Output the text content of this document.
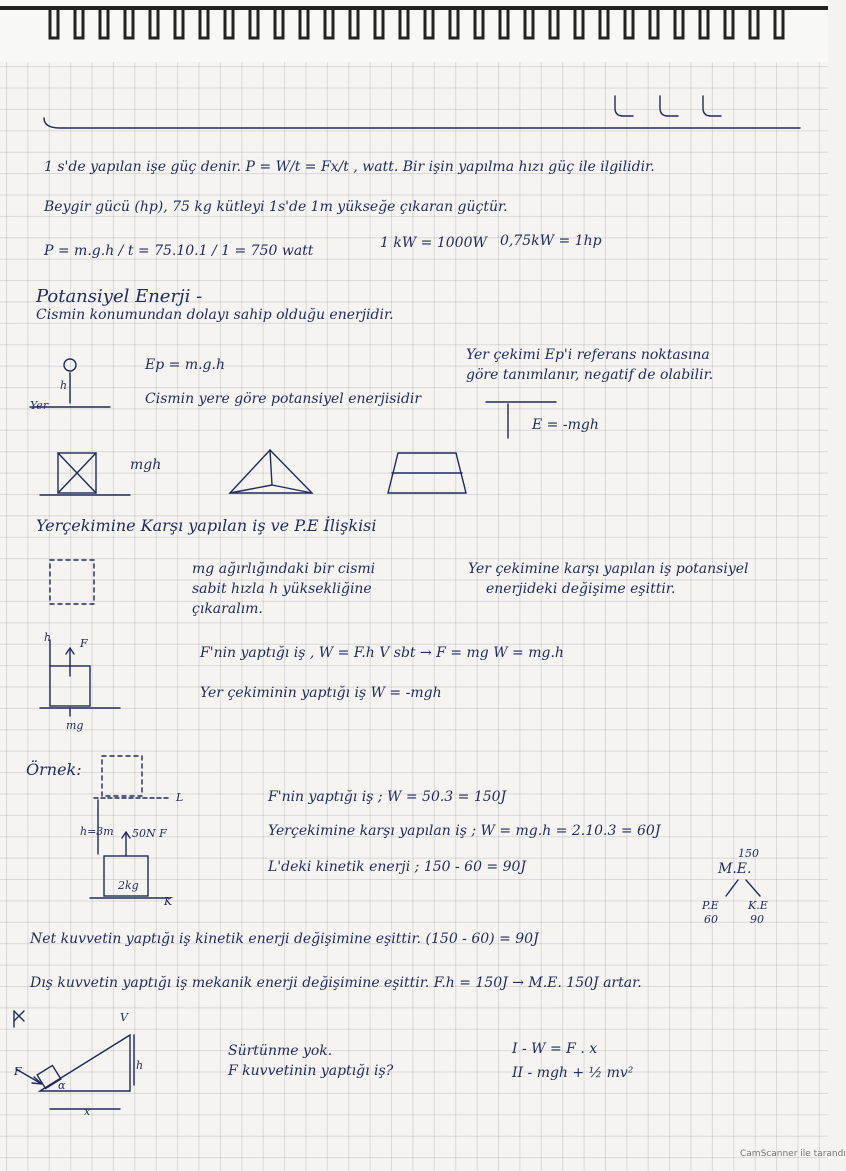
1 s'de yapılan işe güç denir. P = W/t = Fx/t , watt. Bir işin yapılma hızı güç ile ilgilidir.
Beygir gücü (hp), 75 kg kütleyi 1s'de 1m yükseğe çıkaran güçtür.
P = m.g.h / t = 75.10.1 / 1 = 750 watt	1 kW = 1000W 0,75kW = 1hp
Potansiyel Enerji -
Cismin konumundan dolayı sahip olduğu enerjidir.
Yer
h
Ep = m.g.h
Cismin yere göre potansiyel enerjisidir
Yer çekimi Ep'i referans noktasına
göre tanımlanır, negatif de olabilir.
E = -mgh
mgh
Yerçekimine Karşı yapılan iş ve P.E İlişkisi
mg ağırlığındaki bir cismi
sabit hızla h yüksekliğine
çıkaralım.
Yer çekimine karşı yapılan iş potansiyel
enerjideki değişime eşittir.
h	F
mg
F'nin yaptığı iş , W = F.h V sbt → F = mg W = mg.h
Yer çekiminin yaptığı iş W = -mgh
Örnek:
L
h=3m 50N F
2kg
K
F'nin yaptığı iş ; W = 50.3 = 150J
Yerçekimine karşı yapılan iş ; W = mg.h = 2.10.3 = 60J
L'deki kinetik enerji ; 150 - 60 = 90J
150
M.E.
P.E	K.E
60	90
Net kuvvetin yaptığı iş kinetik enerji değişimine eşittir. (150 - 60) = 90J
Dış kuvvetin yaptığı iş mekanik enerji değişimine eşittir. F.h = 150J → M.E. 150J artar.
F
α
h
x
V
Sürtünme yok.
F kuvvetinin yaptığı iş?
I - W = F . x
II - mgh + ½ mv²
CamScanner ile tarandı
